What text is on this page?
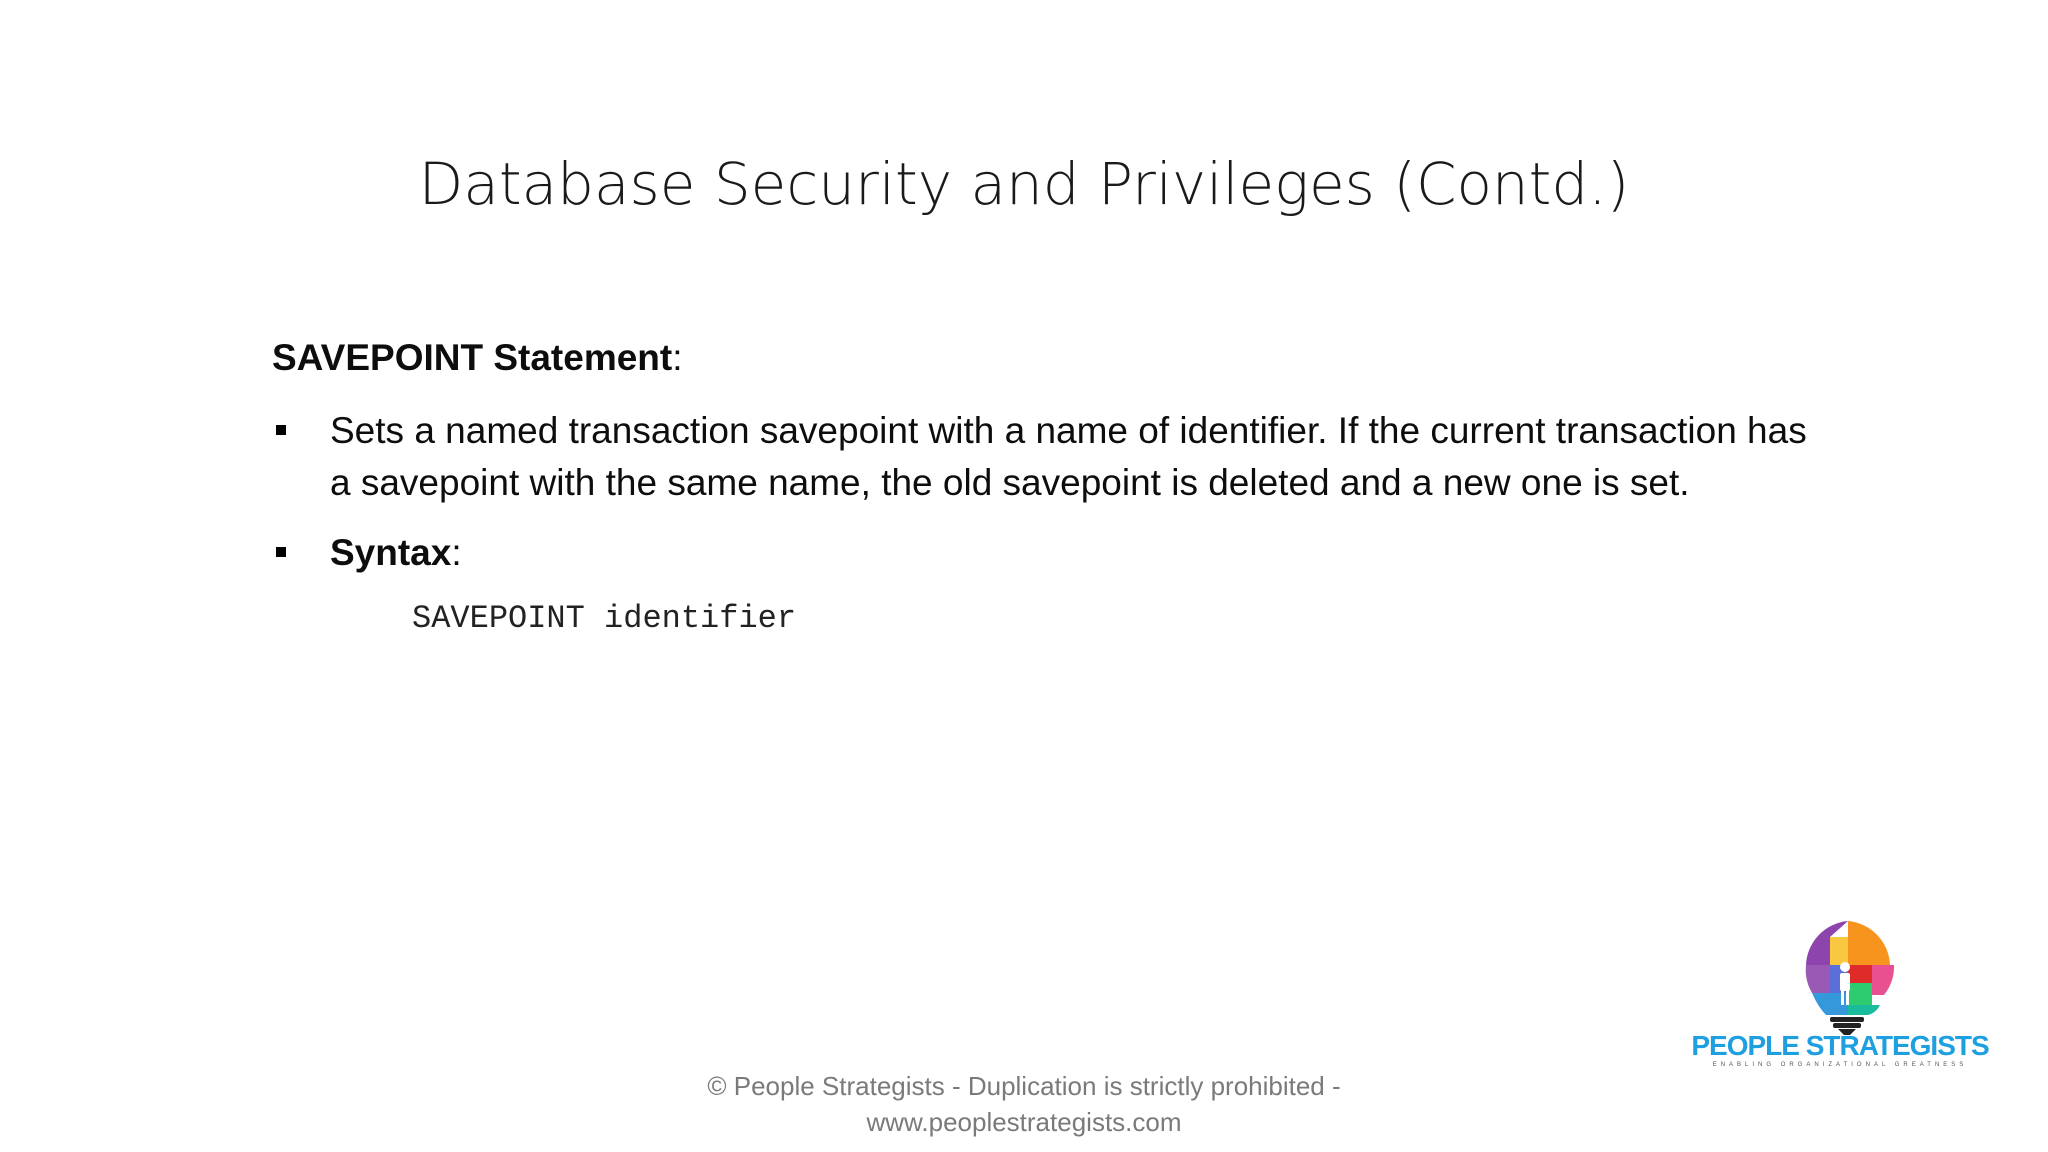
Database Security and Privileges (Contd.)
SAVEPOINT Statement:
Sets a named transaction savepoint with a name of identifier. If the current transaction has a savepoint with the same name, the old savepoint is deleted and a new one is set.
Syntax:
SAVEPOINT identifier
PEOPLE STRATEGISTS
ENABLING ORGANIZATIONAL GREATNESS
© People Strategists - Duplication is strictly prohibited -
www.peoplestrategists.com
